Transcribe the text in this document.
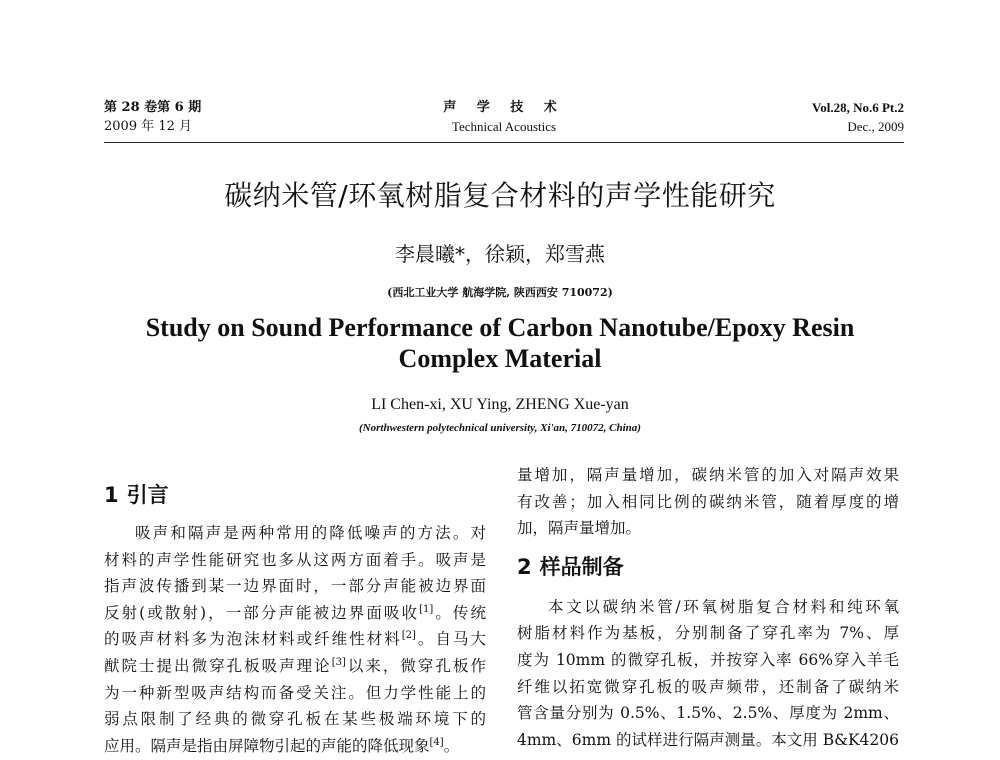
第 28 卷第 6 期
2009 年 12 月
声 学 技 术
Technical Acoustics
Vol.28, No.6 Pt.2
Dec., 2009
碳纳米管/环氧树脂复合材料的声学性能研究
李晨曦*，徐颖，郑雪燕
(西北工业大学 航海学院, 陕西西安 710072)
Study on Sound Performance of Carbon Nanotube/Epoxy Resin
Complex Material
LI Chen-xi, XU Ying, ZHENG Xue-yan
(Northwestern polytechnical university, Xi'an, 710072, China)
1 引言
吸声和隔声是两种常用的降低噪声的方法。对
材料的声学性能研究也多从这两方面着手。吸声是
指声波传播到某一边界面时，一部分声能被边界面
反射(或散射)，一部分声能被边界面吸收[1]。传统
的吸声材料多为泡沫材料或纤维性材料[2]。自马大
猷院士提出微穿孔板吸声理论[3]以来，微穿孔板作
为一种新型吸声结构而备受关注。但力学性能上的
弱点限制了经典的微穿孔板在某些极端环境下的
应用。隔声是指由屏障物引起的声能的降低现象[4]。
量增加，隔声量增加，碳纳米管的加入对隔声效果
有改善；加入相同比例的碳纳米管，随着厚度的增
加，隔声量增加。
2 样品制备
本文以碳纳米管/环氧树脂复合材料和纯环氧
树脂材料作为基板，分别制备了穿孔率为 7%、厚
度为 10mm 的微穿孔板，并按穿入率 66%穿入羊毛
纤维以拓宽微穿孔板的吸声频带，还制备了碳纳米
管含量分别为 0.5%、1.5%、2.5%、厚度为 2mm、
4mm、6mm 的试样进行隔声测量。本文用 B&K4206
